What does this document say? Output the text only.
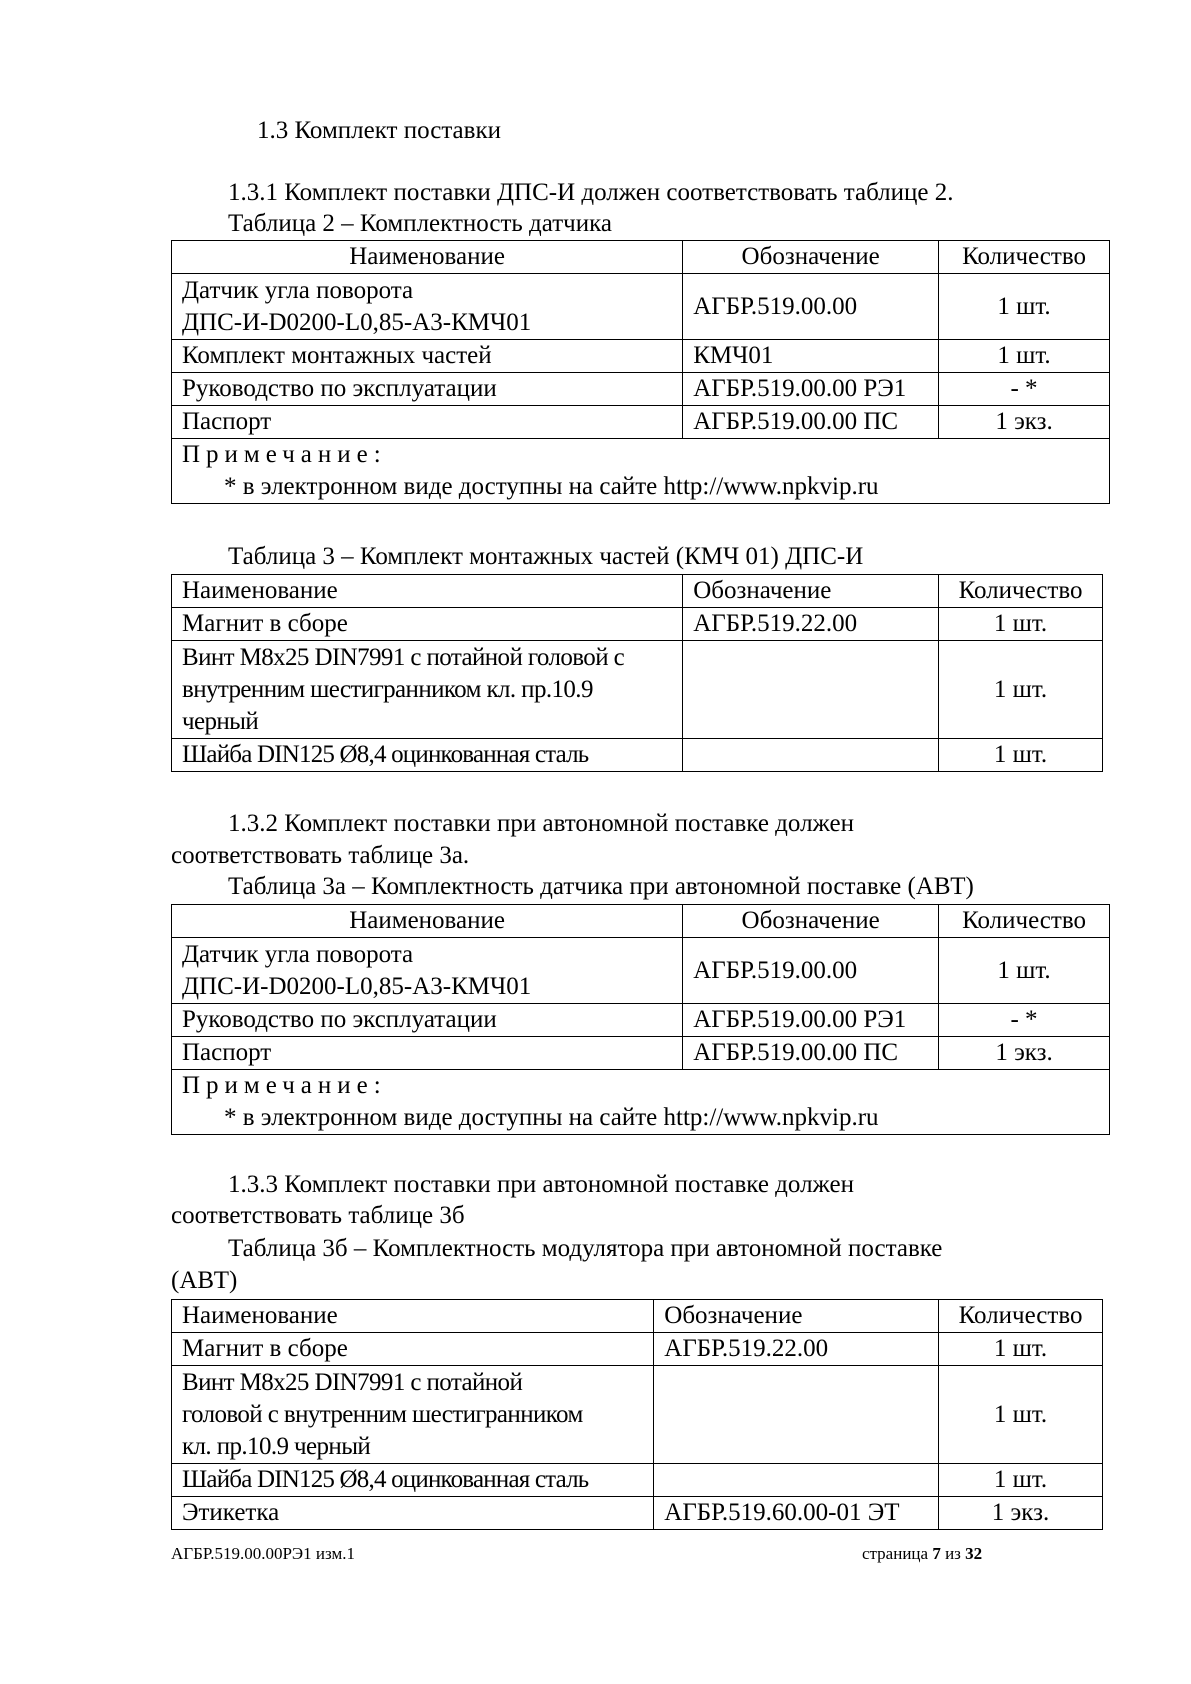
1.3 Комплект поставки
1.3.1 Комплект поставки ДПС-И должен соответствовать таблице 2.
Таблица 2 – Комплектность датчика
Наименование	Обозначение	Количество

Датчик угла поворота
ДПС-И-D0200-L0,85-А3-КМЧ01	АГБР.519.00.00	1 шт.
Комплект монтажных частей	КМЧ01	1 шт.
Руководство по эксплуатации	АГБР.519.00.00 РЭ1	- *
Паспорт	АГБР.519.00.00 ПС	1 экз.

Примечание:
* в электронном виде доступны на сайте http://www.npkvip.ru		
Таблица 3 – Комплект монтажных частей (КМЧ 01) ДПС-И
Наименование	Обозначение	Количество
Магнит в сборе	АГБР.519.22.00	1 шт.

Винт М8х25 DIN7991 с потайной головой с
внутренним шестигранником кл. пр.10.9
черный		1 шт.
Шайба DIN125 Ø8,4 оцинкованная сталь		1 шт.
1.3.2 Комплект поставки при автономной поставке должен
соответствовать таблице 3а.
Таблица 3а – Комплектность датчика при автономной поставке (АВТ)
Наименование	Обозначение	Количество

Датчик угла поворота
ДПС-И-D0200-L0,85-А3-КМЧ01	АГБР.519.00.00	1 шт.
Руководство по эксплуатации	АГБР.519.00.00 РЭ1	- *
Паспорт	АГБР.519.00.00 ПС	1 экз.

Примечание:
* в электронном виде доступны на сайте http://www.npkvip.ru		
1.3.3 Комплект поставки при автономной поставке должен
соответствовать таблице 3б
Таблица 3б – Комплектность модулятора при автономной поставке
(АВТ)
Наименование	Обозначение	Количество
Магнит в сборе	АГБР.519.22.00	1 шт.

Винт М8х25 DIN7991 с потайной
головой с внутренним шестигранником
кл. пр.10.9 черный		1 шт.
Шайба DIN125 Ø8,4 оцинкованная сталь		1 шт.
Этикетка	АГБР.519.60.00-01 ЭТ	1 экз.
АГБР.519.00.00РЭ1 изм.1	страница 7 из 32
